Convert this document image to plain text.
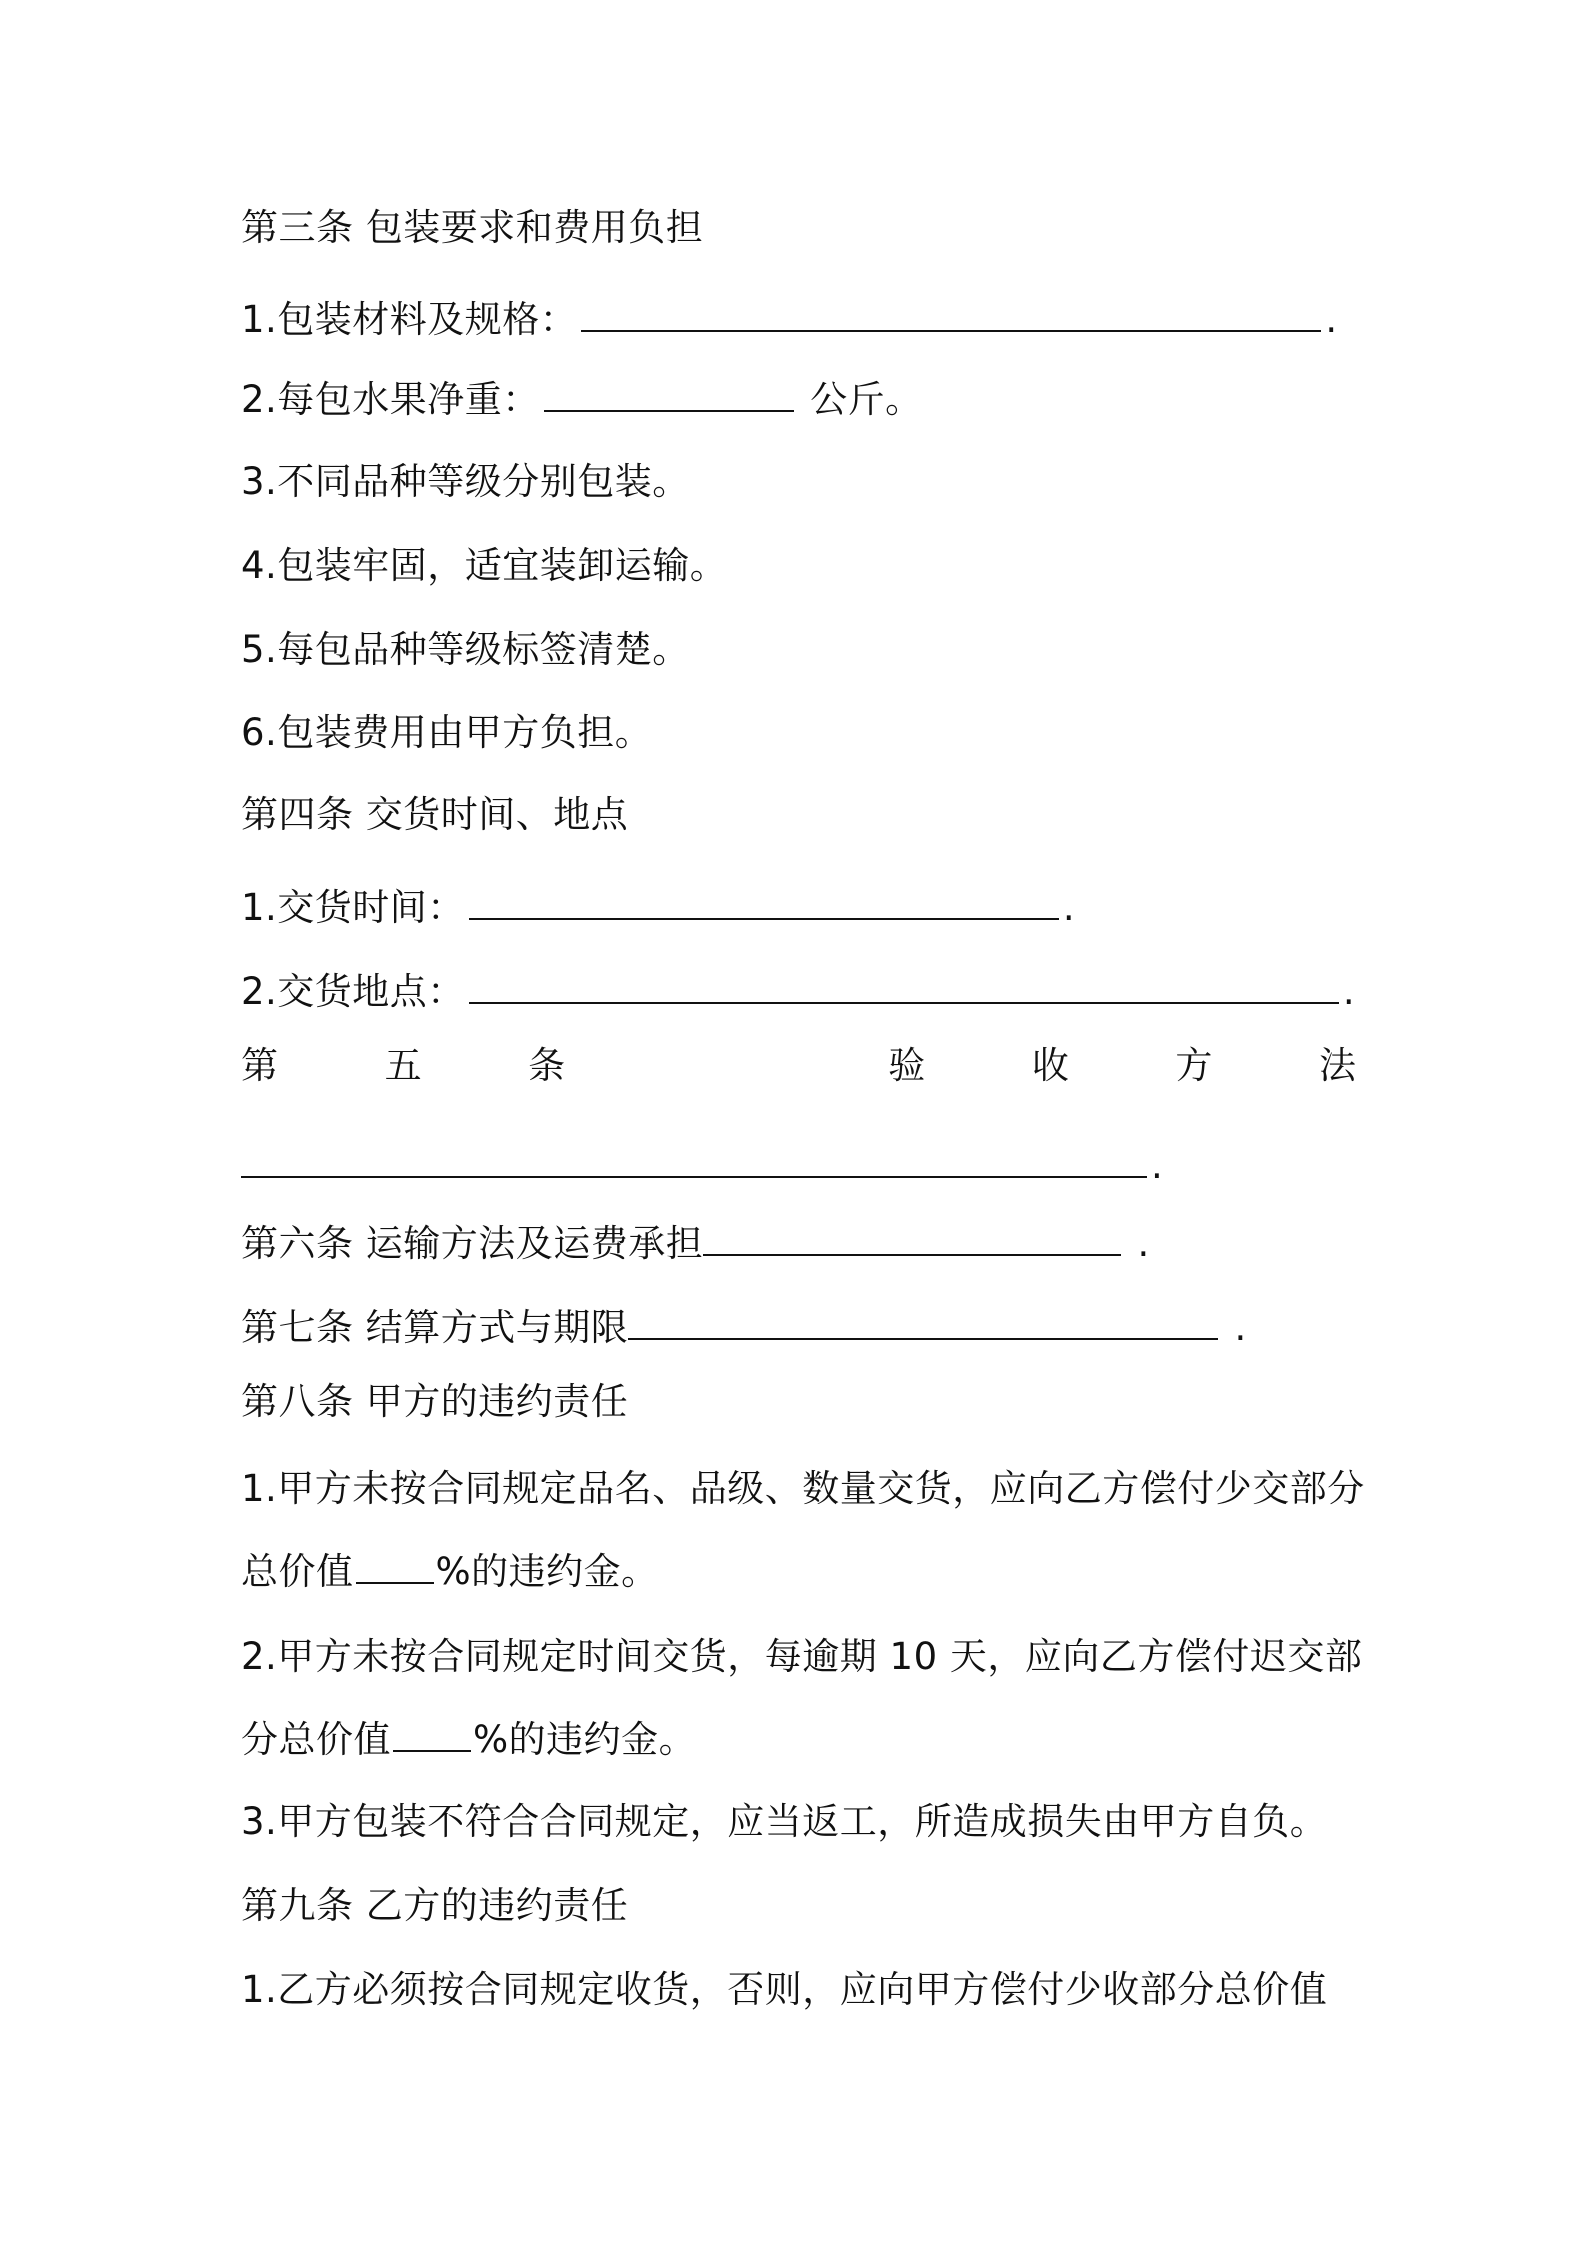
第三条 包装要求和费用负担
1.包装材料及规格：	.
2.每包水果净重：	公斤。
3.不同品种等级分别包装。
4.包装牢固，适宜装卸运输。
5.每包品种等级标签清楚。
6.包装费用由甲方负担。
第四条 交货时间、地点
1.交货时间：	.
2.交货地点：	.
第	五	条	验	收	方	法
.
第六条 运输方法及运费承担	.
第七条 结算方式与期限	.
第八条 甲方的违约责任
1.甲方未按合同规定品名、品级、数量交货，应向乙方偿付少交部分
总价值 %的违约金。
2.甲方未按合同规定时间交货，每逾期 10 天，应向乙方偿付迟交部
分总价值 %的违约金。
3.甲方包装不符合合同规定，应当返工，所造成损失由甲方自负。
第九条 乙方的违约责任
1.乙方必须按合同规定收货，否则，应向甲方偿付少收部分总价值
